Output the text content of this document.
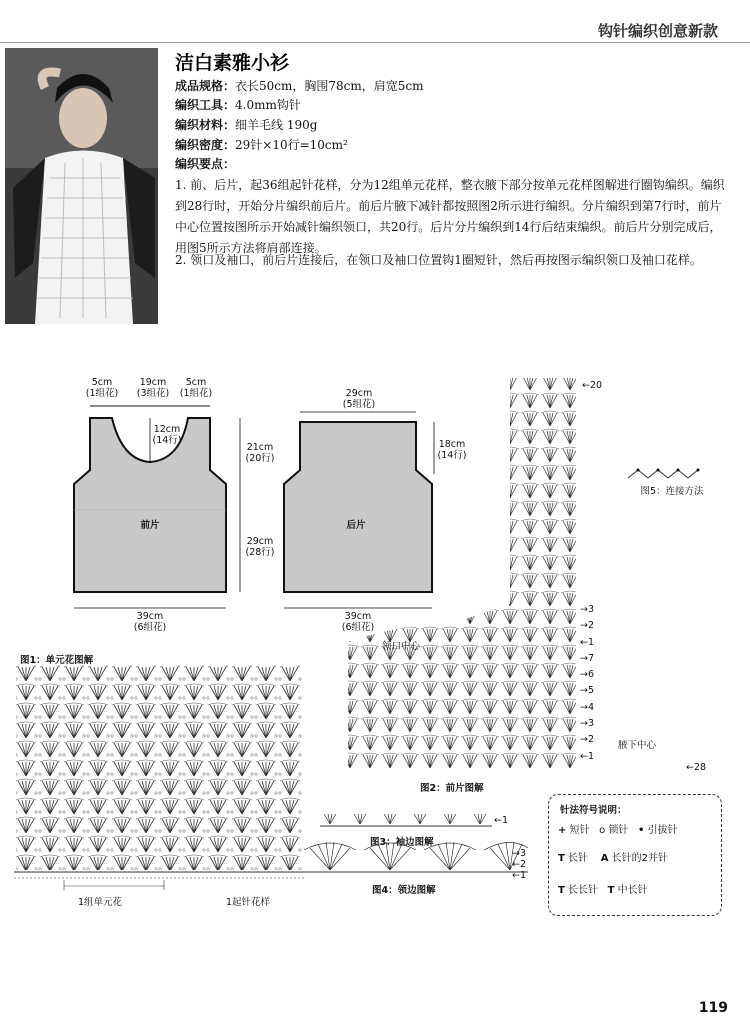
钩针编织创意新款
洁白素雅小衫
成品规格：衣长50cm，胸围78cm，肩宽5cm
编织工具：4.0mm钩针
编织材料：细羊毛线 190g
编织密度：29针×10行=10cm²
编织要点：
1. 前、后片，起36组起针花样，分为12组单元花样，整衣腋下部分按单元花样图解进行圈钩编织。编织到28行时，开始分片编织前后片。前后片腋下减针都按照图2所示进行编织。分片编织到第7行时，前片中心位置按图所示开始减针编织领口，共20行。后片分片编织到14行后结束编织。前后片分别完成后，用图5所示方法将肩部连接。
2. 领口及袖口，前后片连接后，在领口及袖口位置钩1圈短针，然后再按图示编织领口及袖口花样。
5cm
(1组花)
19cm
(3组花)
5cm
(1组花)
12cm
(14行)
21cm
(20行)
29cm
(28行)
前片
39cm
(6组花)
29cm
(5组花)
18cm
(14行)
后片
39cm
(6组花)
图1：单元花图解
1组单元花	1起针花样
领口中心
腋下中心
←20
←28
→3
→2
←1
→7
→6
→5
→4
→3
→2
←1
图2：前片图解
图5：连接方法
←1
图3：袖边图解
→3
←2
←1
图4：领边图解
针法符号说明：
+ 短针 o 锁针 • 引拔针
T 长针 A 长针的2并针
T 长长针 T 中长针
119
